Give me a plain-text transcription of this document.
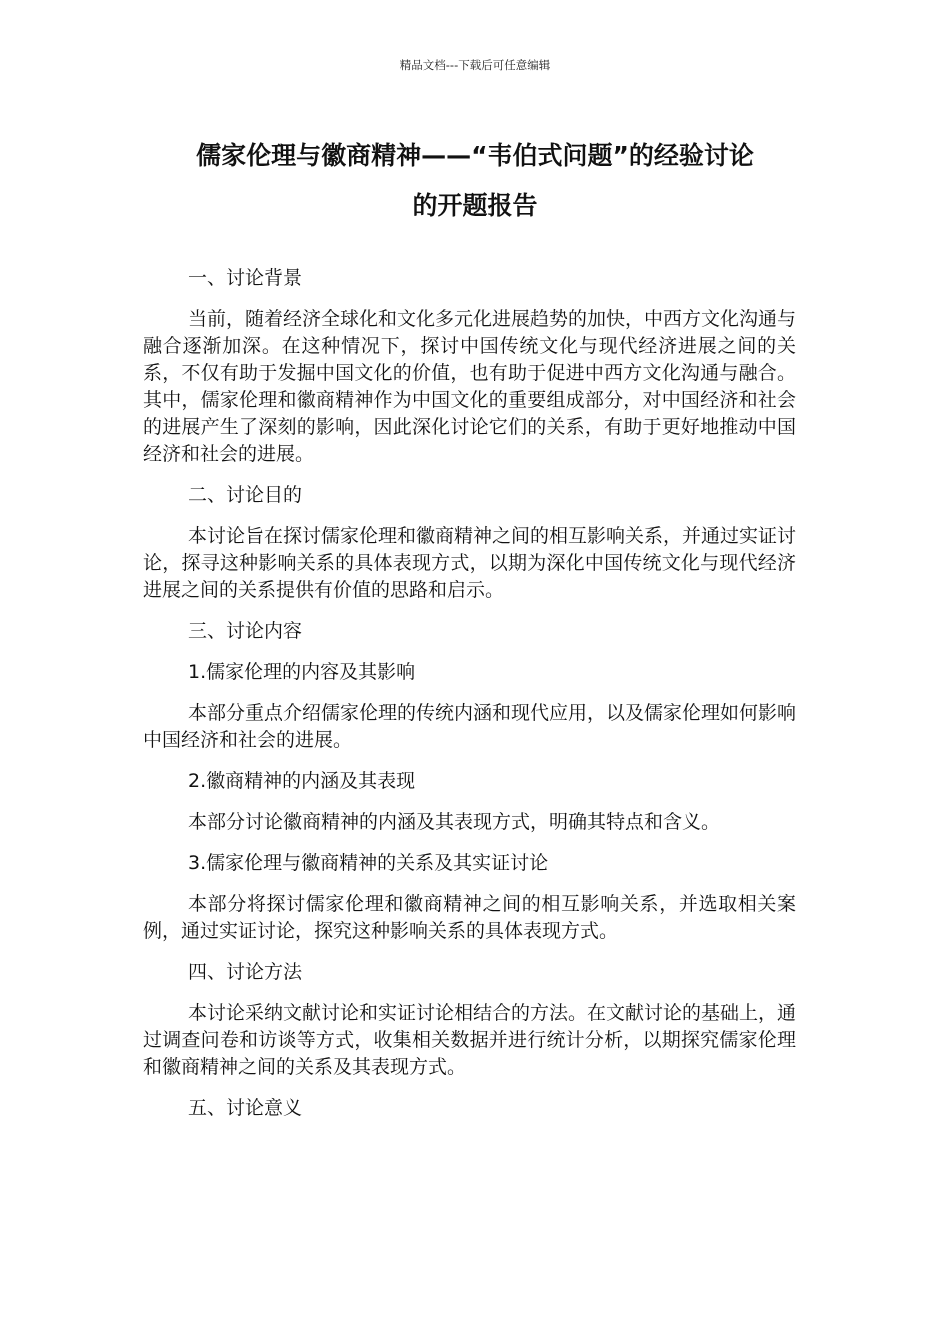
精品文档---下载后可任意编辑
儒家伦理与徽商精神——“韦伯式问题”的经验讨论
的开题报告

一、讨论背景

当前，随着经济全球化和文化多元化进展趋势的加快，中西方文化沟通与融合逐渐加深。在这种情况下，探讨中国传统文化与现代经济进展之间的关系，不仅有助于发掘中国文化的价值，也有助于促进中西方文化沟通与融合。其中，儒家伦理和徽商精神作为中国文化的重要组成部分，对中国经济和社会的进展产生了深刻的影响，因此深化讨论它们的关系，有助于更好地推动中国经济和社会的进展。

二、讨论目的

本讨论旨在探讨儒家伦理和徽商精神之间的相互影响关系，并通过实证讨论，探寻这种影响关系的具体表现方式，以期为深化中国传统文化与现代经济进展之间的关系提供有价值的思路和启示。

三、讨论内容

1.儒家伦理的内容及其影响

本部分重点介绍儒家伦理的传统内涵和现代应用，以及儒家伦理如何影响中国经济和社会的进展。

2.徽商精神的内涵及其表现

本部分讨论徽商精神的内涵及其表现方式，明确其特点和含义。

3.儒家伦理与徽商精神的关系及其实证讨论

本部分将探讨儒家伦理和徽商精神之间的相互影响关系，并选取相关案例，通过实证讨论，探究这种影响关系的具体表现方式。

四、讨论方法

本讨论采纳文献讨论和实证讨论相结合的方法。在文献讨论的基础上，通过调查问卷和访谈等方式，收集相关数据并进行统计分析，以期探究儒家伦理和徽商精神之间的关系及其表现方式。

五、讨论意义
